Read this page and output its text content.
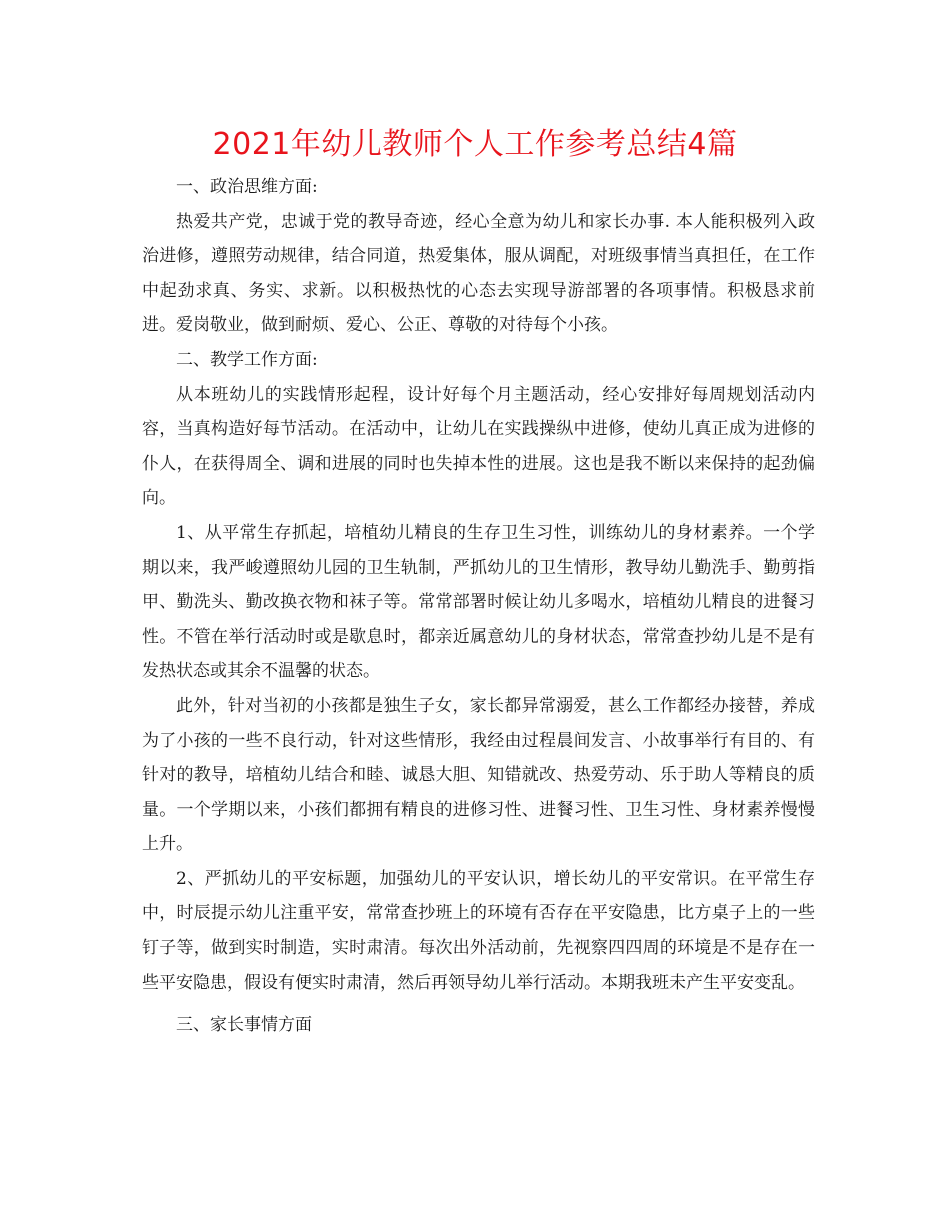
2021年幼儿教师个人工作参考总结4篇

一、政治思维方面:

热爱共产党，忠诚于党的教导奇迹，经心全意为幼儿和家长办事. 本人能积极列入政治进修，遵照劳动规律，结合同道，热爱集体，服从调配，对班级事情当真担任，在工作中起劲求真、务实、求新。以积极热忱的心态去实现导游部署的各项事情。积极恳求前进。爱岗敬业，做到耐烦、爱心、公正、尊敬的对待每个小孩。

二、教学工作方面:

从本班幼儿的实践情形起程，设计好每个月主题活动，经心安排好每周规划活动内容，当真构造好每节活动。在活动中，让幼儿在实践操纵中进修，使幼儿真正成为进修的仆人，在获得周全、调和进展的同时也失掉本性的进展。这也是我不断以来保持的起劲偏向。

1、从平常生存抓起，培植幼儿精良的生存卫生习性，训练幼儿的身材素养。一个学期以来，我严峻遵照幼儿园的卫生轨制，严抓幼儿的卫生情形，教导幼儿勤洗手、勤剪指甲、勤洗头、勤改换衣物和袜子等。常常部署时候让幼儿多喝水，培植幼儿精良的进餐习性。不管在举行活动时或是歇息时，都亲近属意幼儿的身材状态，常常查抄幼儿是不是有发热状态或其余不温馨的状态。

此外，针对当初的小孩都是独生子女，家长都异常溺爱，甚么工作都经办接替，养成为了小孩的一些不良行动，针对这些情形，我经由过程晨间发言、小故事举行有目的、有针对的教导，培植幼儿结合和睦、诚恳大胆、知错就改、热爱劳动、乐于助人等精良的质量。一个学期以来，小孩们都拥有精良的进修习性、进餐习性、卫生习性、身材素养慢慢上升。

2、严抓幼儿的平安标题，加强幼儿的平安认识，增长幼儿的平安常识。在平常生存中，时辰提示幼儿注重平安，常常查抄班上的环境有否存在平安隐患，比方桌子上的一些钉子等，做到实时制造，实时肃清。每次出外活动前，先视察四四周的环境是不是存在一些平安隐患，假设有便实时肃清，然后再领导幼儿举行活动。本期我班未产生平安变乱。

三、家长事情方面
